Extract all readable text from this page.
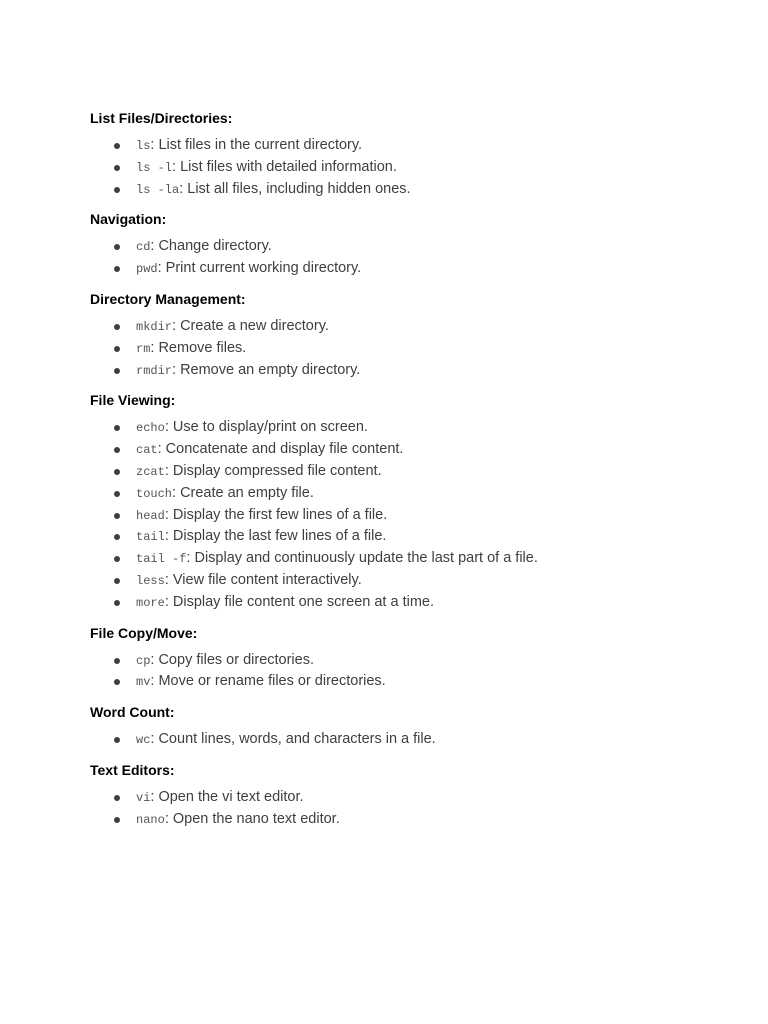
List Files/Directories:
ls: List files in the current directory.
ls -l: List files with detailed information.
ls -la: List all files, including hidden ones.
Navigation:
cd: Change directory.
pwd: Print current working directory.
Directory Management:
mkdir: Create a new directory.
rm: Remove files.
rmdir: Remove an empty directory.
File Viewing:
echo: Use to display/print on screen.
cat: Concatenate and display file content.
zcat: Display compressed file content.
touch: Create an empty file.
head: Display the first few lines of a file.
tail: Display the last few lines of a file.
tail -f: Display and continuously update the last part of a file.
less: View file content interactively.
more: Display file content one screen at a time.
File Copy/Move:
cp: Copy files or directories.
mv: Move or rename files or directories.
Word Count:
wc: Count lines, words, and characters in a file.
Text Editors:
vi: Open the vi text editor.
nano: Open the nano text editor.
